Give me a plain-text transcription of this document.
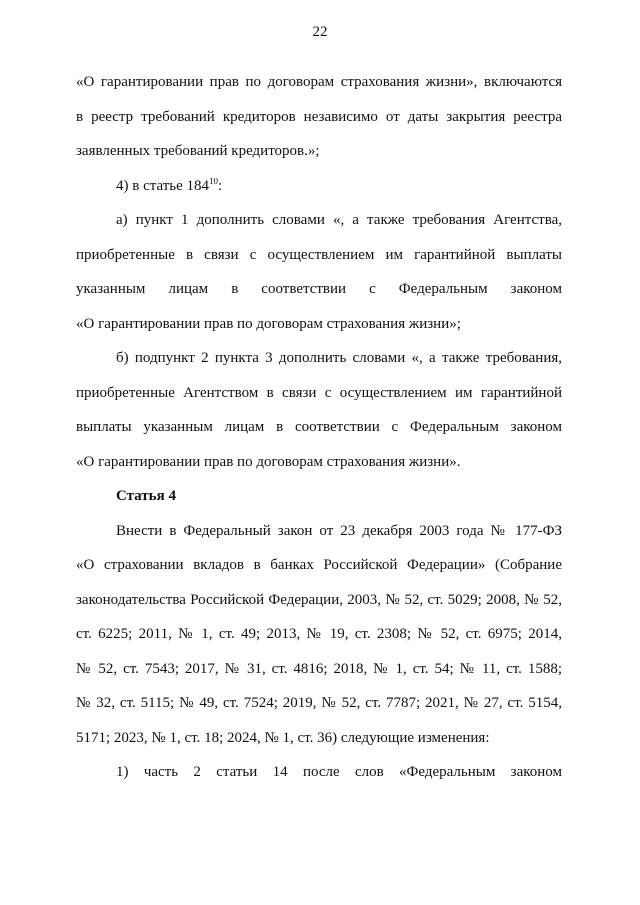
22
«О гарантировании прав по договорам страхования жизни», включаются
в реестр требований кредиторов независимо от даты закрытия реестра
заявленных требований кредиторов.»;
4) в статье $184^{10}$:
а) пункт 1 дополнить словами «, а также требования Агентства,
приобретенные в связи с осуществлением им гарантийной выплаты
указанным лицам в соответствии с Федеральным законом
«О гарантировании прав по договорам страхования жизни»;
б) подпункт 2 пункта 3 дополнить словами «, а также требования,
приобретенные Агентством в связи с осуществлением им гарантийной
выплаты указанным лицам в соответствии с Федеральным законом
«О гарантировании прав по договорам страхования жизни».
Статья 4
Внести в Федеральный закон от 23 декабря 2003 года № 177-ФЗ
«О страховании вкладов в банках Российской Федерации» (Собрание
законодательства Российской Федерации, 2003, № 52, ст. 5029; 2008, № 52,
ст. 6225; 2011, № 1, ст. 49; 2013, № 19, ст. 2308; № 52, ст. 6975; 2014,
№ 52, ст. 7543; 2017, № 31, ст. 4816; 2018, № 1, ст. 54; № 11, ст. 1588;
№ 32, ст. 5115; № 49, ст. 7524; 2019, № 52, ст. 7787; 2021, № 27, ст. 5154,
5171; 2023, № 1, ст. 18; 2024, № 1, ст. 36) следующие изменения:
1) часть 2 статьи 14 после слов «Федеральным законом
